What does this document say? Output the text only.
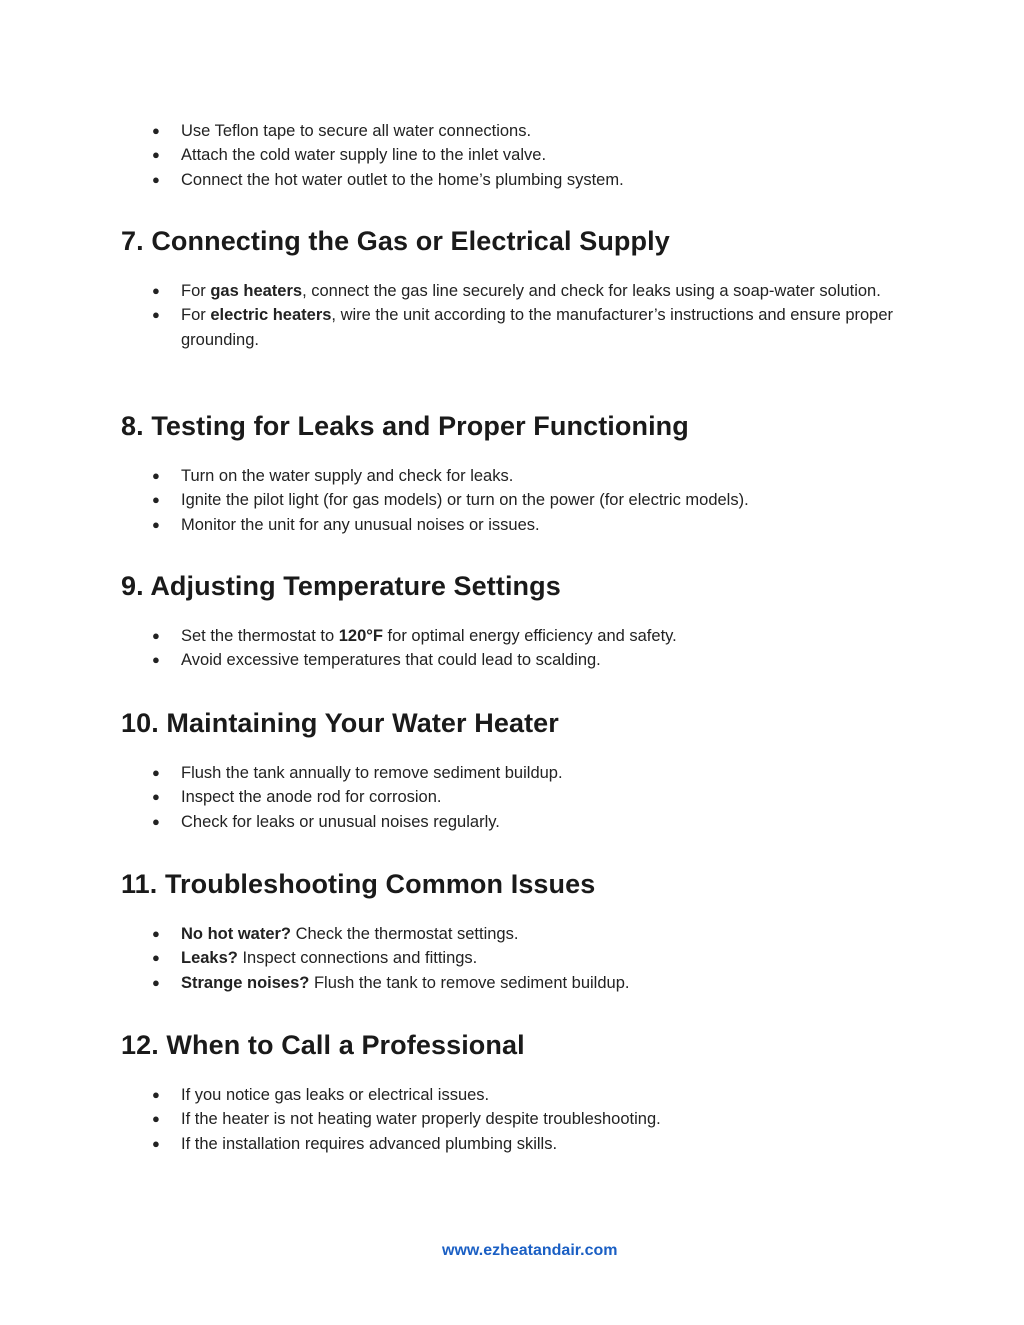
● Use Teflon tape to secure all water connections.
● Attach the cold water supply line to the inlet valve.
● Connect the hot water outlet to the home’s plumbing system.
7. Connecting the Gas or Electrical Supply
● For gas heaters, connect the gas line securely and check for leaks using a soap-water solution.
● For electric heaters, wire the unit according to the manufacturer’s instructions and ensure proper grounding.
8. Testing for Leaks and Proper Functioning
● Turn on the water supply and check for leaks.
● Ignite the pilot light (for gas models) or turn on the power (for electric models).
● Monitor the unit for any unusual noises or issues.
9. Adjusting Temperature Settings
● Set the thermostat to 120°F for optimal energy efficiency and safety.
● Avoid excessive temperatures that could lead to scalding.
10. Maintaining Your Water Heater
● Flush the tank annually to remove sediment buildup.
● Inspect the anode rod for corrosion.
● Check for leaks or unusual noises regularly.
11. Troubleshooting Common Issues
● No hot water? Check the thermostat settings.
● Leaks? Inspect connections and fittings.
● Strange noises? Flush the tank to remove sediment buildup.
12. When to Call a Professional
● If you notice gas leaks or electrical issues.
● If the heater is not heating water properly despite troubleshooting.
● If the installation requires advanced plumbing skills.
www.ezheatandair.com
